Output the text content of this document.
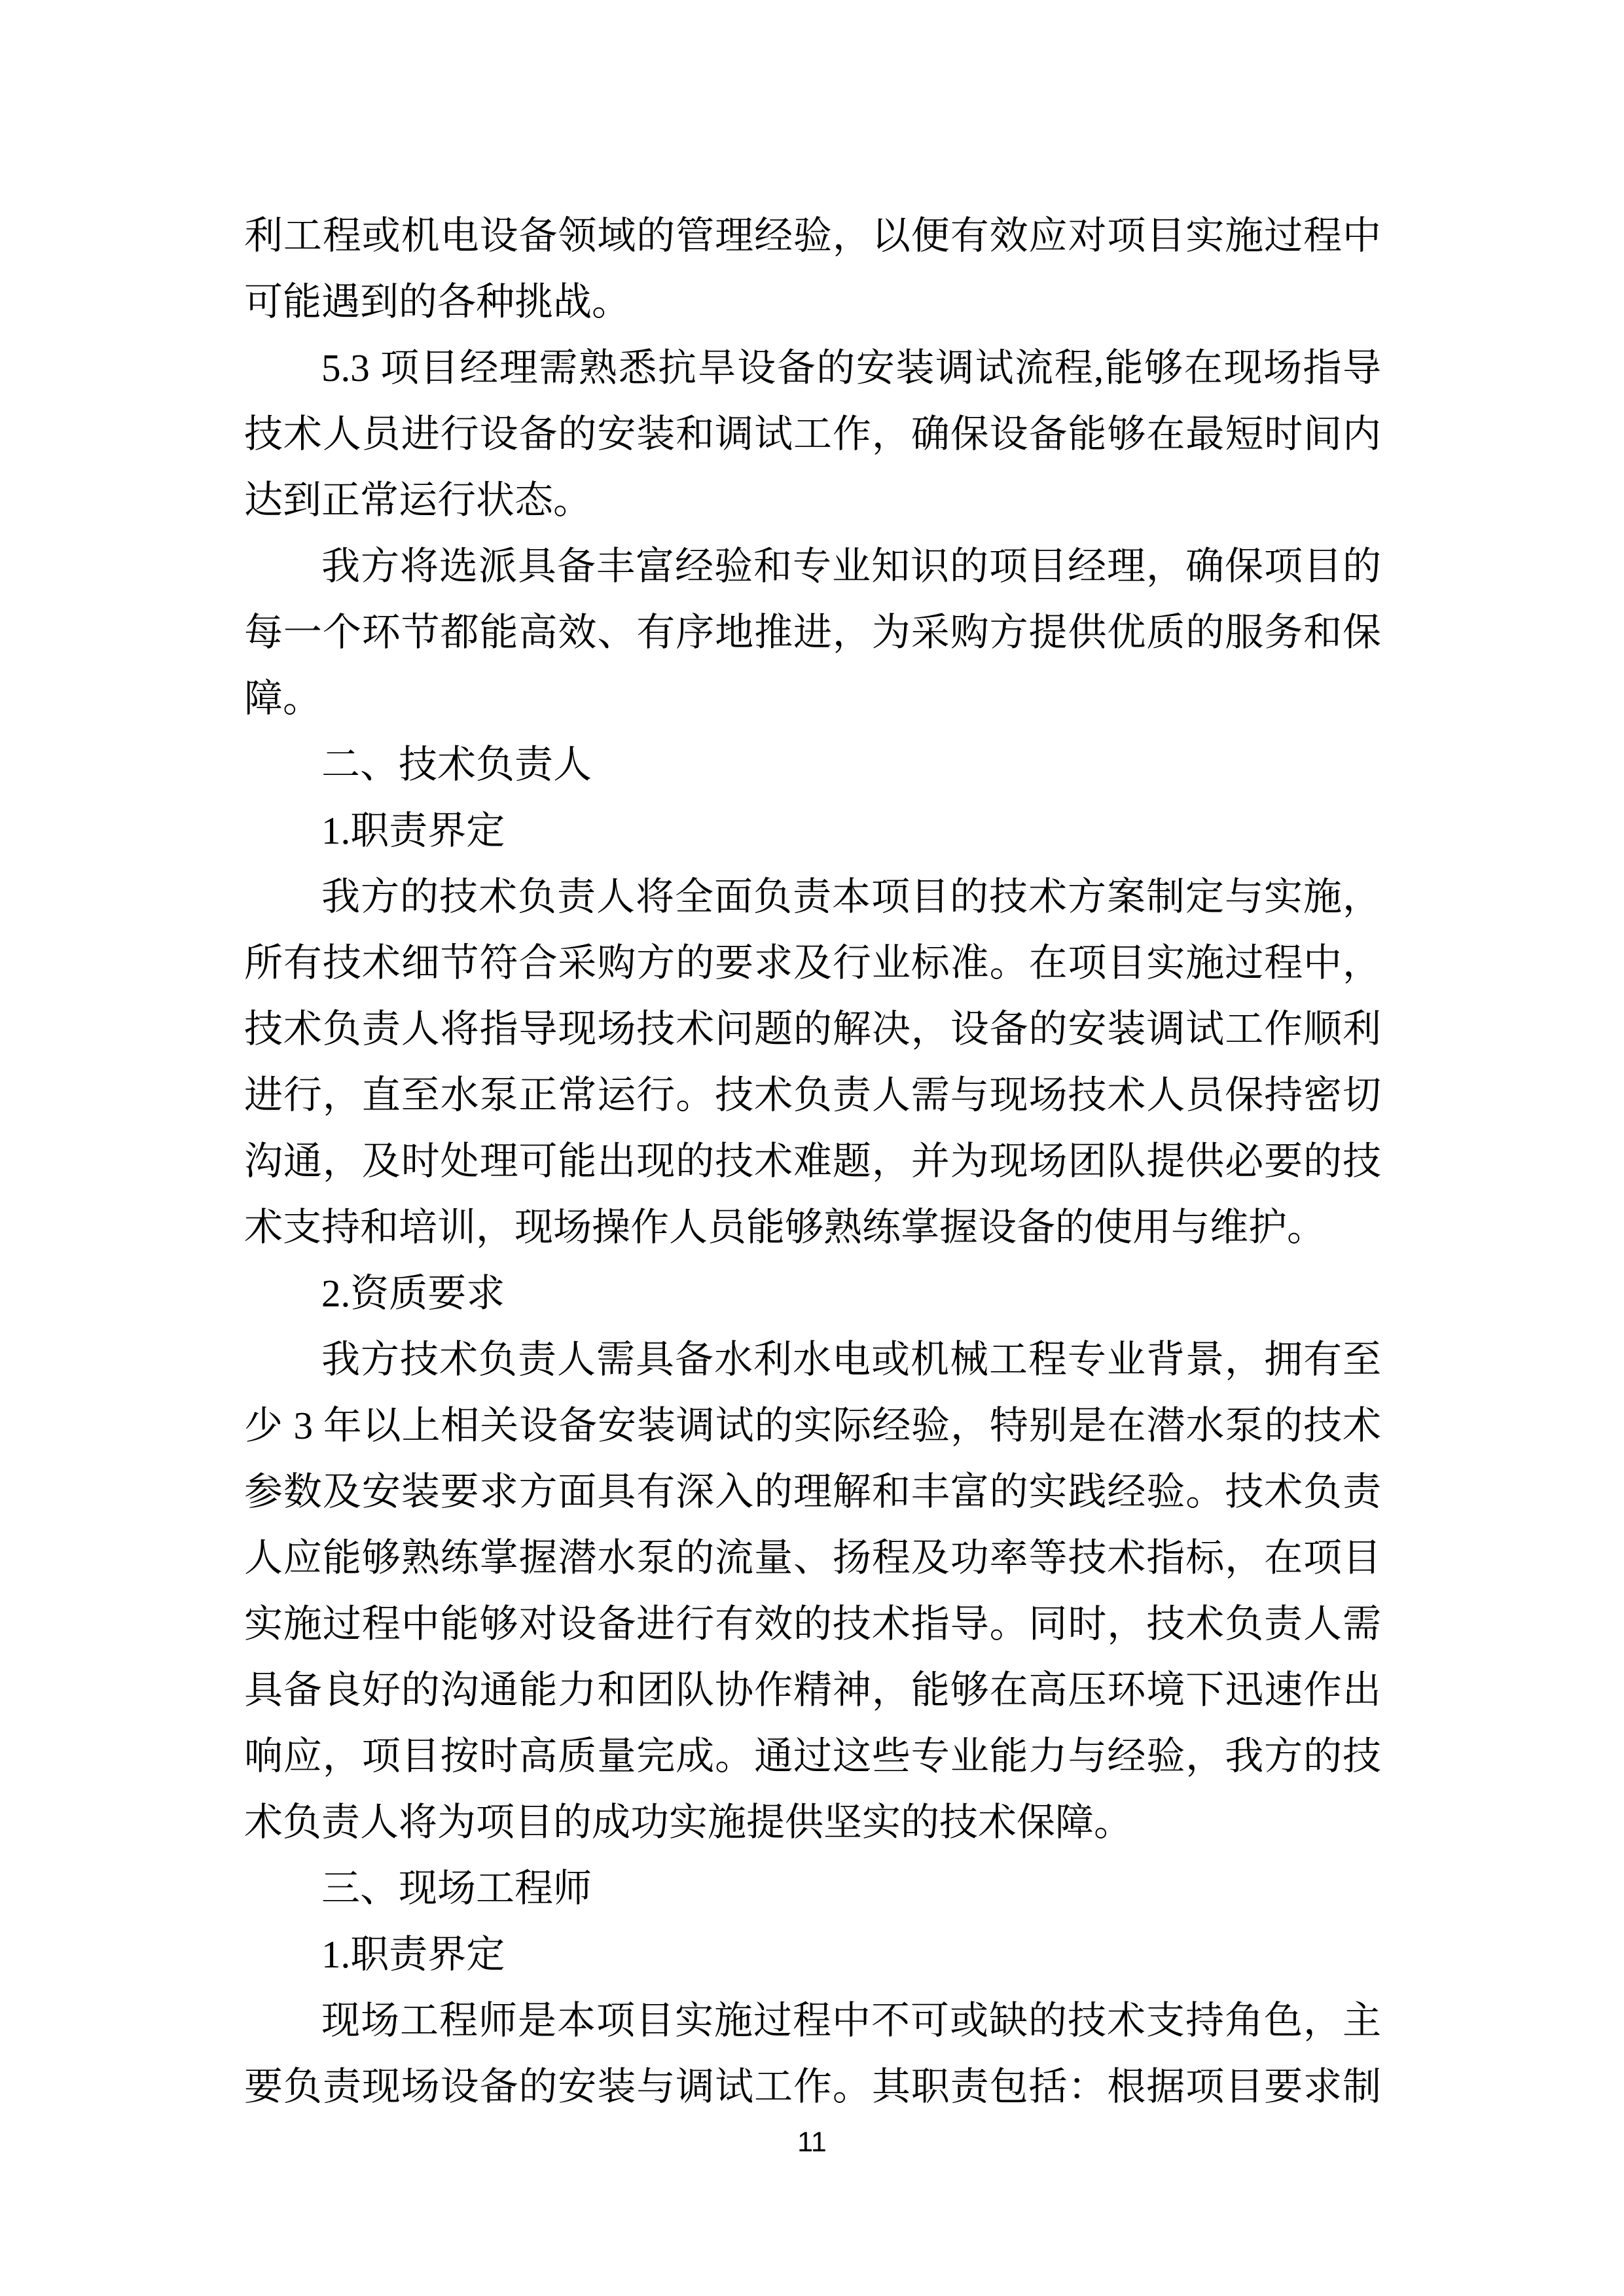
利工程或机电设备领域的管理经验，以便有效应对项目实施过程中
可能遇到的各种挑战。
5.3 项目经理需熟悉抗旱设备的安装调试流程,能够在现场指导
技术人员进行设备的安装和调试工作，确保设备能够在最短时间内
达到正常运行状态。
我方将选派具备丰富经验和专业知识的项目经理，确保项目的
每一个环节都能高效、有序地推进，为采购方提供优质的服务和保
障。
二、技术负责人
1.职责界定
我方的技术负责人将全面负责本项目的技术方案制定与实施，
所有技术细节符合采购方的要求及行业标准。在项目实施过程中，
技术负责人将指导现场技术问题的解决，设备的安装调试工作顺利
进行，直至水泵正常运行。技术负责人需与现场技术人员保持密切
沟通，及时处理可能出现的技术难题，并为现场团队提供必要的技
术支持和培训，现场操作人员能够熟练掌握设备的使用与维护。
2.资质要求
我方技术负责人需具备水利水电或机械工程专业背景，拥有至
少 3 年以上相关设备安装调试的实际经验，特别是在潜水泵的技术
参数及安装要求方面具有深入的理解和丰富的实践经验。技术负责
人应能够熟练掌握潜水泵的流量、扬程及功率等技术指标，在项目
实施过程中能够对设备进行有效的技术指导。同时，技术负责人需
具备良好的沟通能力和团队协作精神，能够在高压环境下迅速作出
响应，项目按时高质量完成。通过这些专业能力与经验，我方的技
术负责人将为项目的成功实施提供坚实的技术保障。
三、现场工程师
1.职责界定
现场工程师是本项目实施过程中不可或缺的技术支持角色，主
要负责现场设备的安装与调试工作。其职责包括：根据项目要求制
11
